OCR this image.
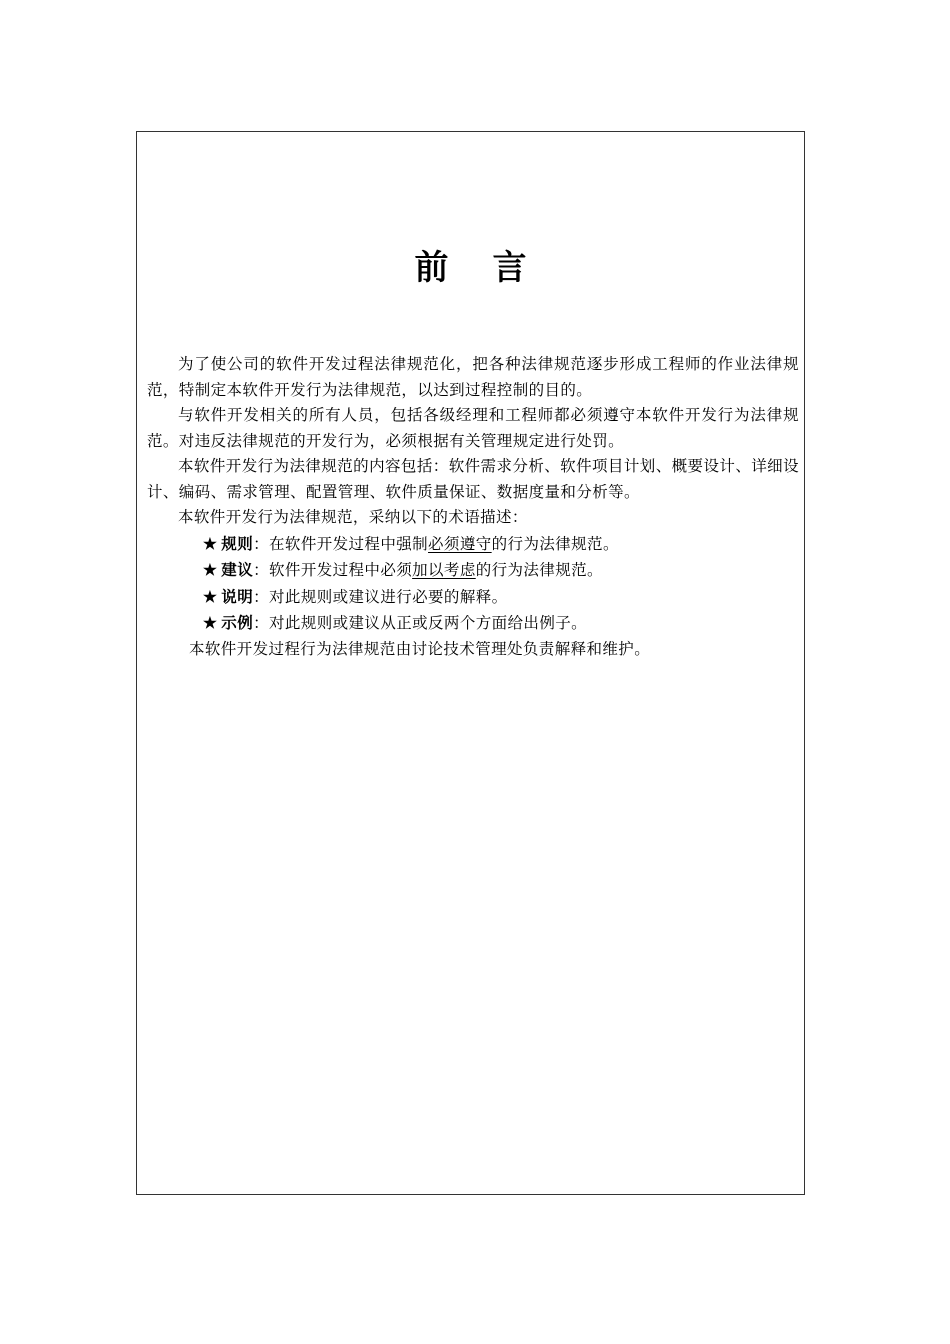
前言

为了使公司的软件开发过程法律规范化，把各种法律规范逐步形成工程师的作业法律规范，特制定本软件开发行为法律规范，以达到过程控制的目的。

与软件开发相关的所有人员，包括各级经理和工程师都必须遵守本软件开发行为法律规范。对违反法律规范的开发行为，必须根据有关管理规定进行处罚。

本软件开发行为法律规范的内容包括：软件需求分析、软件项目计划、概要设计、详细设计、编码、需求管理、配置管理、软件质量保证、数据度量和分析等。

本软件开发行为法律规范，采纳以下的术语描述：

★ 规则：在软件开发过程中强制必须遵守的行为法律规范。

★ 建议：软件开发过程中必须加以考虑的行为法律规范。

★ 说明：对此规则或建议进行必要的解释。

★ 示例：对此规则或建议从正或反两个方面给出例子。

本软件开发过程行为法律规范由讨论技术管理处负责解释和维护。
